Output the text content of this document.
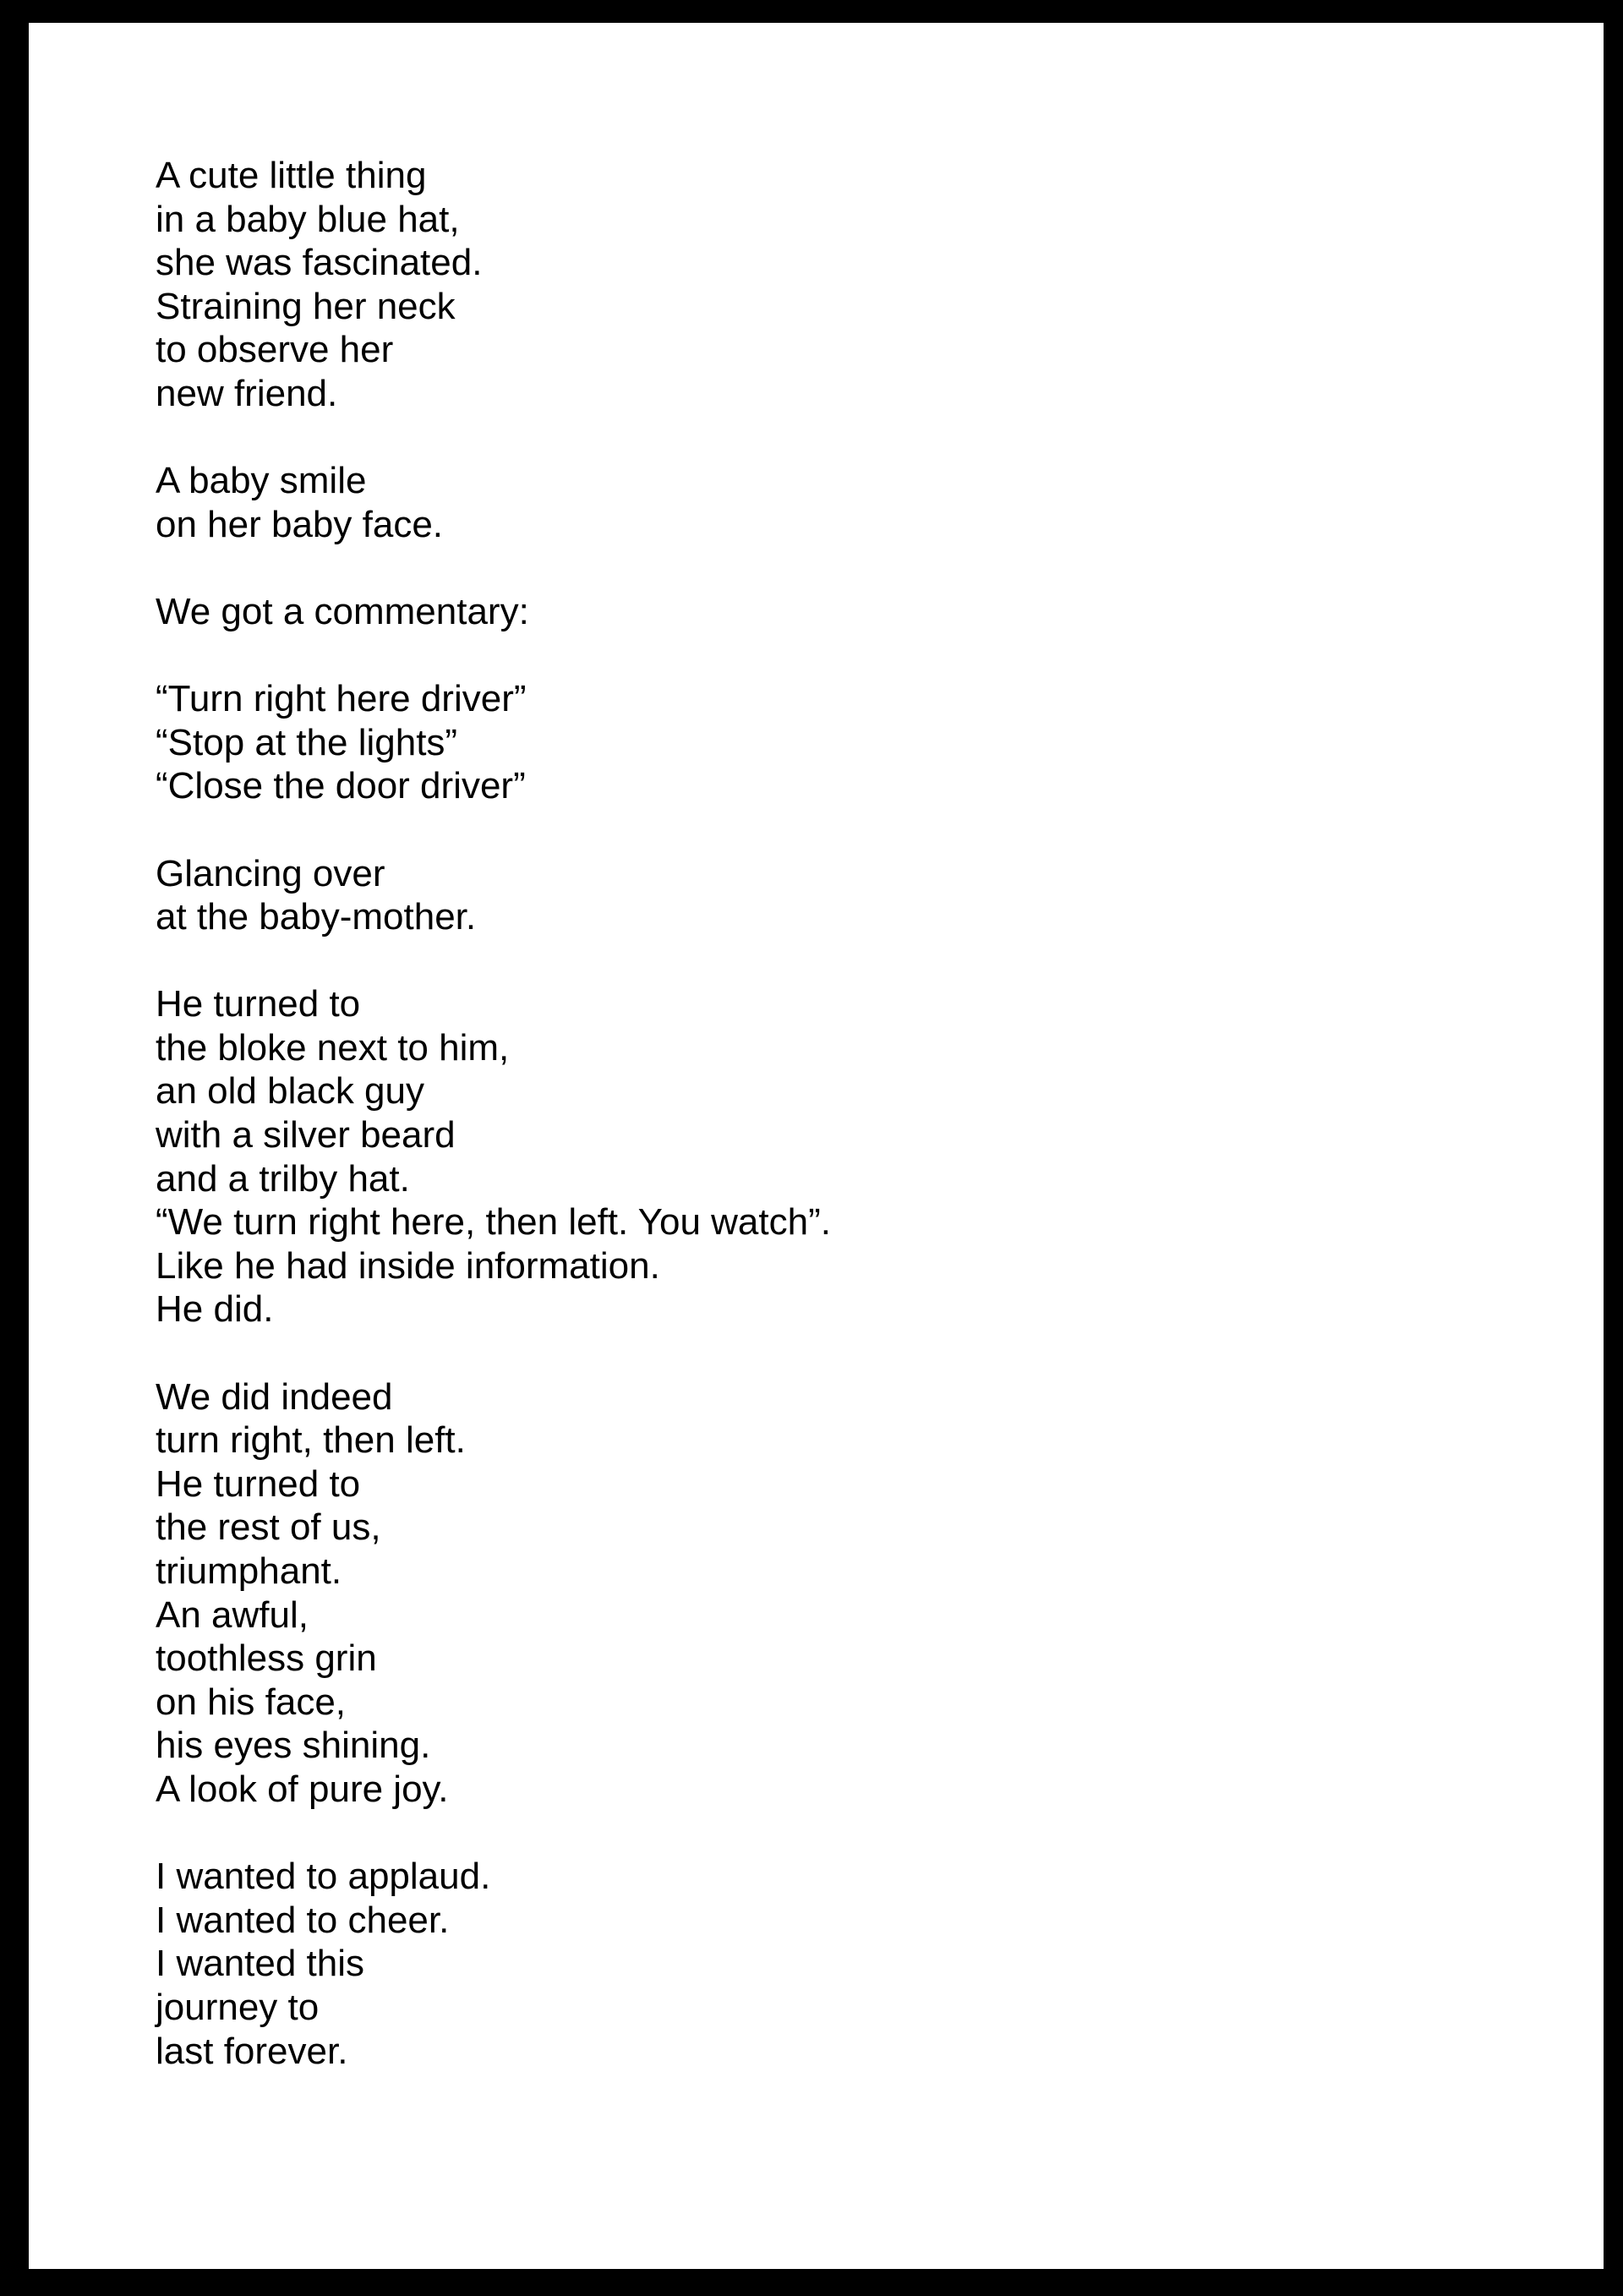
A cute little thing
in a baby blue hat,
she was fascinated.
Straining her neck
to observe her
new friend.
A baby smile
on her baby face.
We got a commentary:
“Turn right here driver”
“Stop at the lights”
“Close the door driver”
Glancing over
at the baby-mother.
He turned to
the bloke next to him,
an old black guy
with a silver beard
and a trilby hat.
“We turn right here, then left. You watch”.
Like he had inside information.
He did.
We did indeed
turn right, then left.
He turned to
the rest of us,
triumphant.
An awful,
toothless grin
on his face,
his eyes shining.
A look of pure joy.
I wanted to applaud.
I wanted to cheer.
I wanted this
journey to
last forever.
